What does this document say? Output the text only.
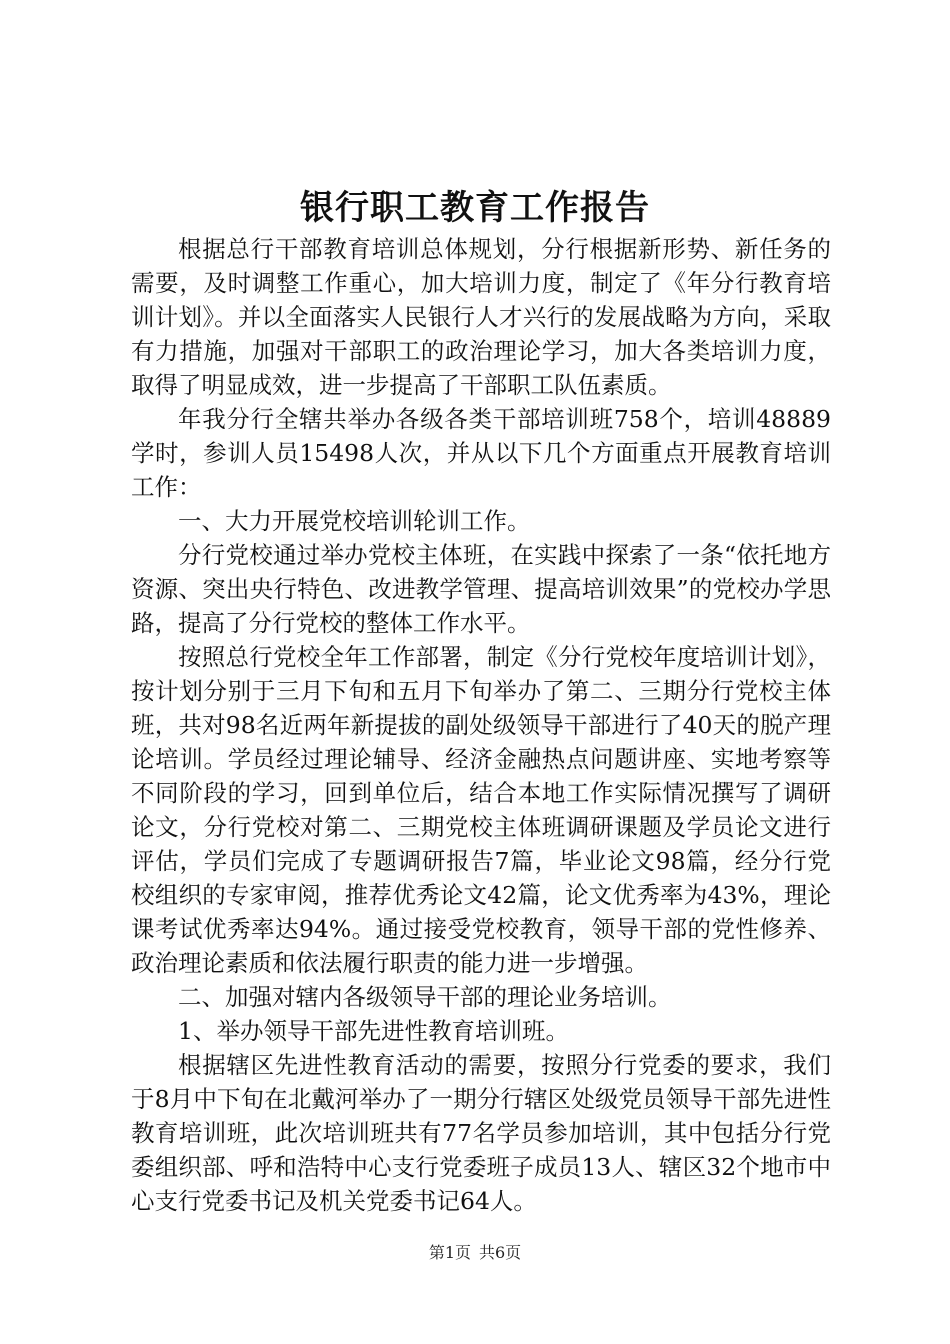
银行职工教育工作报告

根据总行干部教育培训总体规划，分行根据新形势、新任务的需要，及时调整工作重心，加大培训力度，制定了《年分行教育培训计划》。并以全面落实人民银行人才兴行的发展战略为方向，采取有力措施，加强对干部职工的政治理论学习，加大各类培训力度，取得了明显成效，进一步提高了干部职工队伍素质。

年我分行全辖共举办各级各类干部培训班758个，培训48889学时，参训人员15498人次，并从以下几个方面重点开展教育培训工作：

一、大力开展党校培训轮训工作。

分行党校通过举办党校主体班，在实践中探索了一条“依托地方资源、突出央行特色、改进教学管理、提高培训效果”的党校办学思路，提高了分行党校的整体工作水平。

按照总行党校全年工作部署，制定《分行党校年度培训计划》，按计划分别于三月下旬和五月下旬举办了第二、三期分行党校主体班，共对98名近两年新提拔的副处级领导干部进行了40天的脱产理论培训。学员经过理论辅导、经济金融热点问题讲座、实地考察等不同阶段的学习，回到单位后，结合本地工作实际情况撰写了调研论文，分行党校对第二、三期党校主体班调研课题及学员论文进行评估，学员们完成了专题调研报告7篇，毕业论文98篇，经分行党校组织的专家审阅，推荐优秀论文42篇，论文优秀率为43%，理论课考试优秀率达94%。通过接受党校教育，领导干部的党性修养、政治理论素质和依法履行职责的能力进一步增强。

二、加强对辖内各级领导干部的理论业务培训。

1、举办领导干部先进性教育培训班。

根据辖区先进性教育活动的需要，按照分行党委的要求，我们于8月中下旬在北戴河举办了一期分行辖区处级党员领导干部先进性教育培训班，此次培训班共有77名学员参加培训，其中包括分行党委组织部、呼和浩特中心支行党委班子成员13人、辖区32个地市中心支行党委书记及机关党委书记64人。

第1页 共6页
